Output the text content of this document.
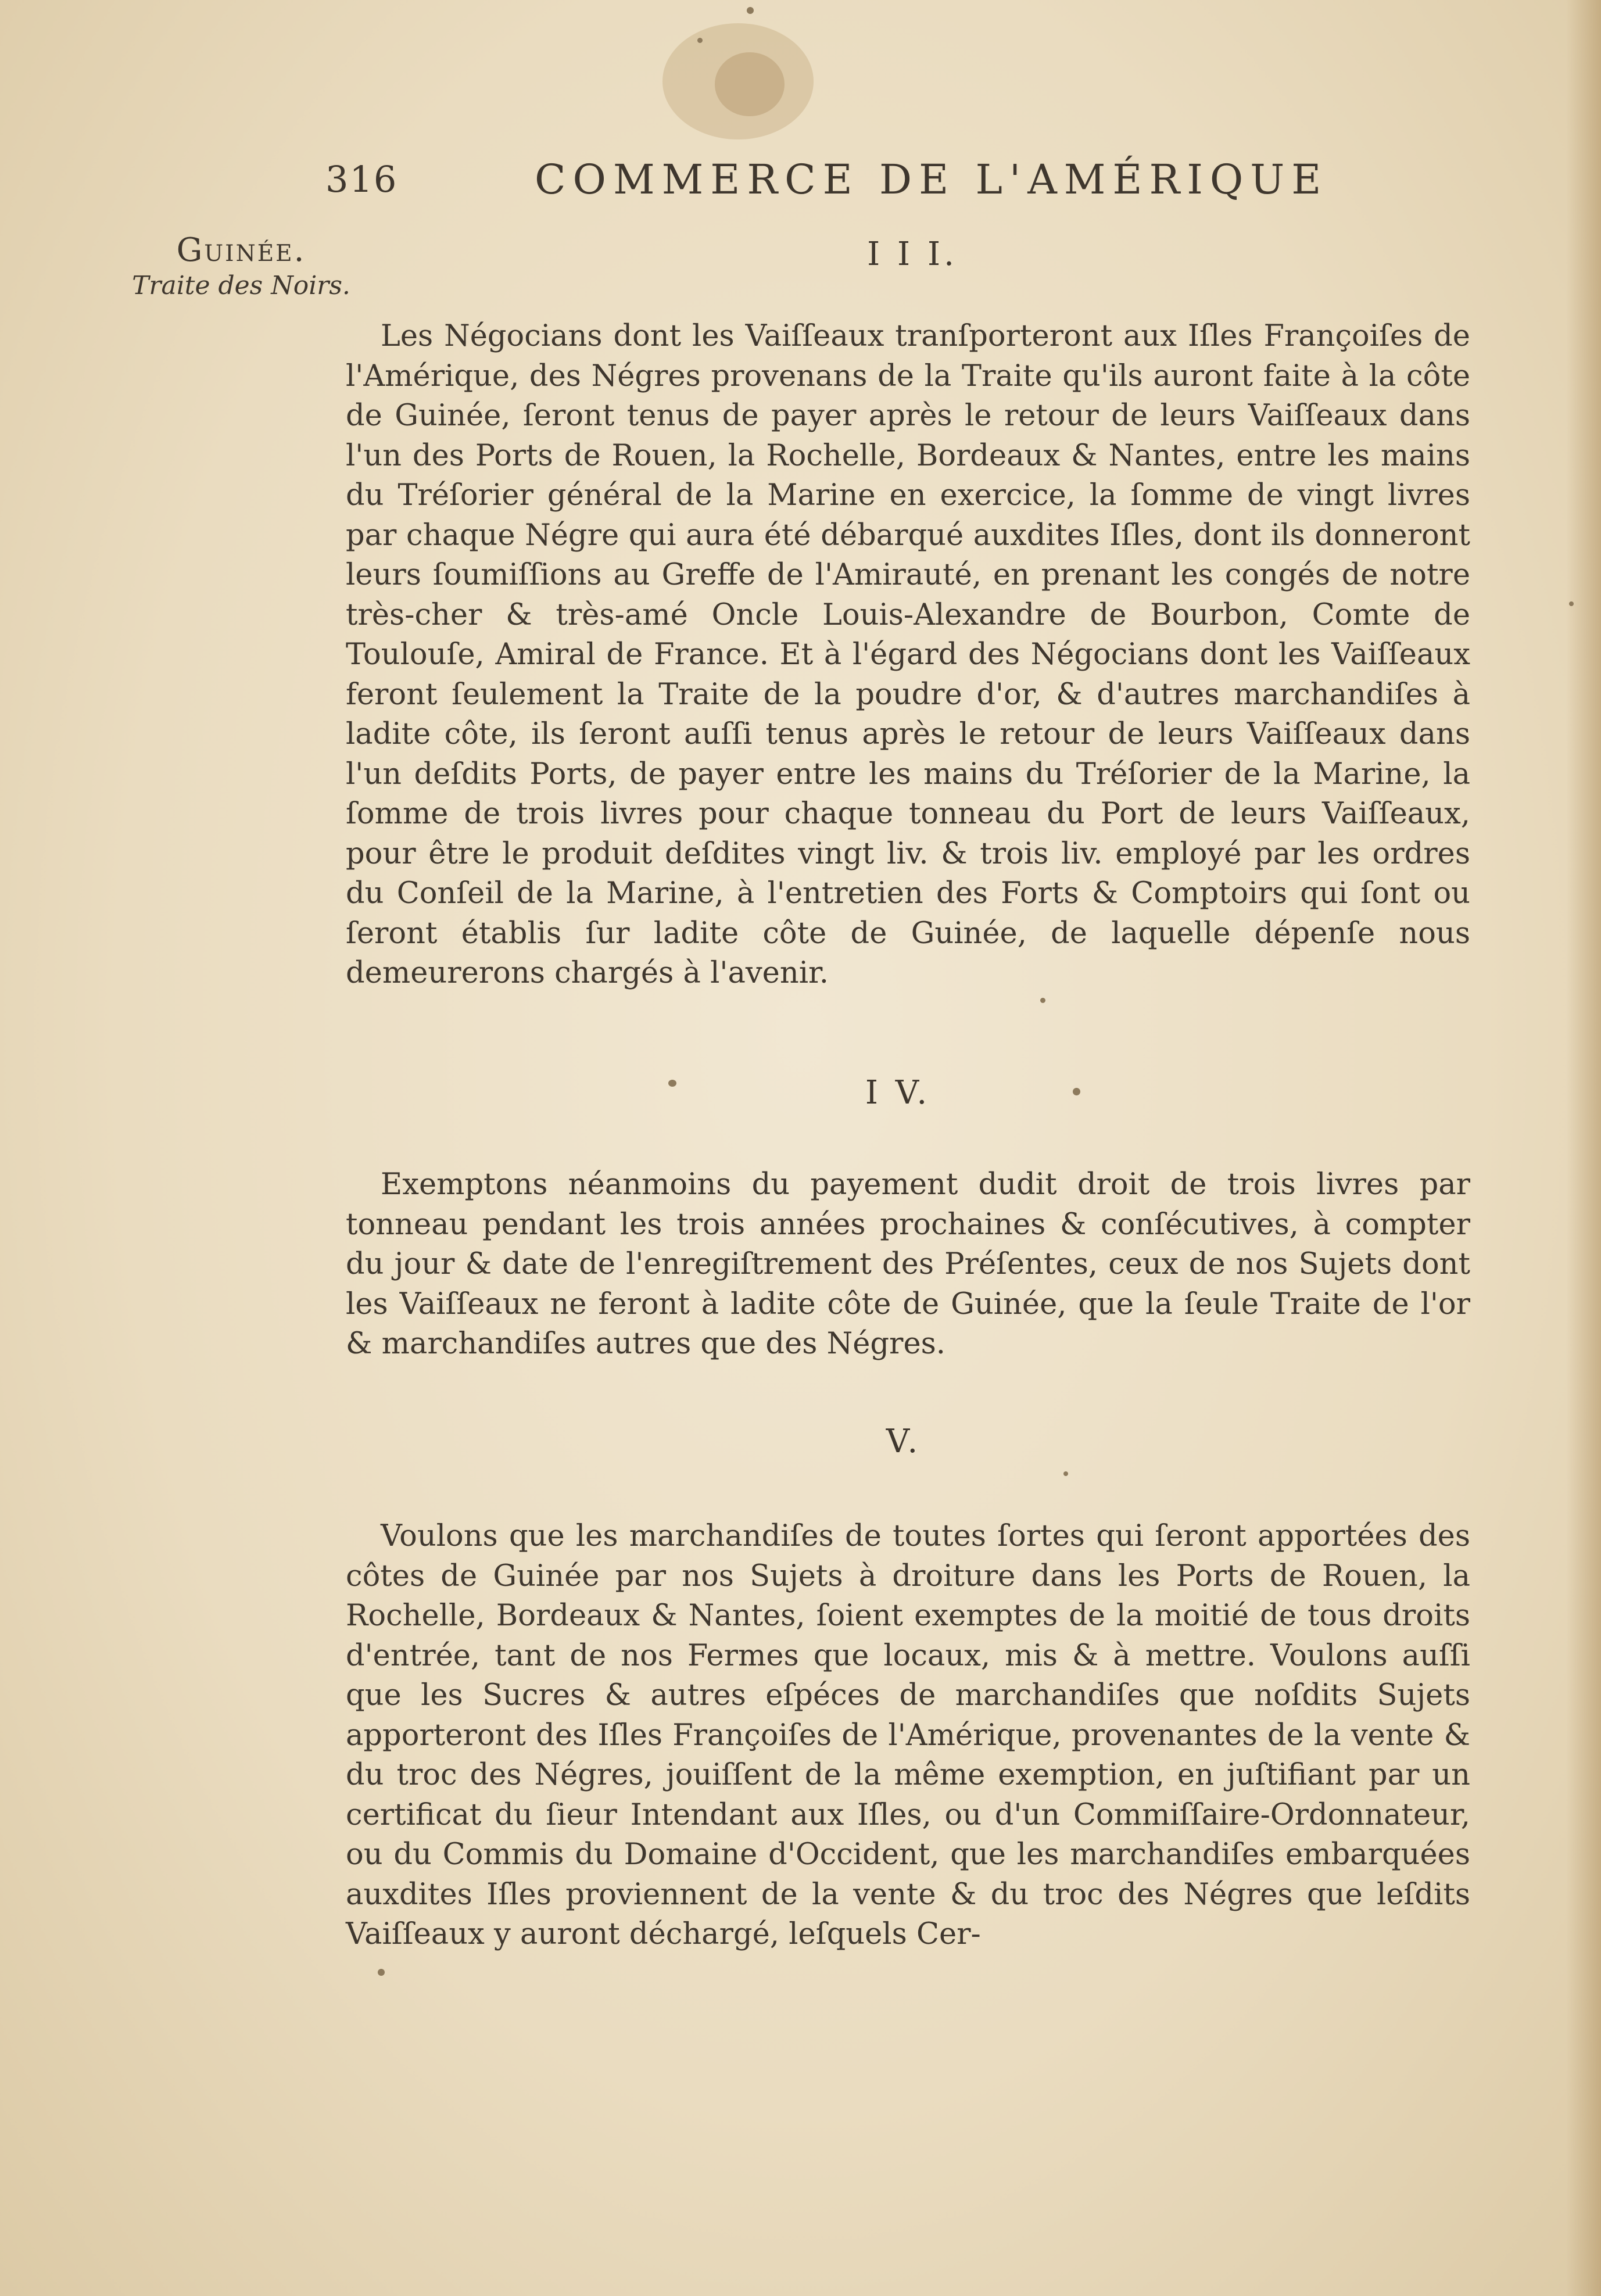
316	COMMERCE DE L'AMÉRIQUE
Guinée.
Traite des Noirs.
I I I.

Les Négocians dont les Vaiſſeaux tranſporteront aux Iſles Françoiſes de l'Amérique, des Négres provenans de la Traite qu'ils auront faite à la côte de Guinée, ſeront tenus de payer après le retour de leurs Vaiſſeaux dans l'un des Ports de Rouen, la Rochelle, Bordeaux & Nantes, entre les mains du Tréſorier général de la Marine en exercice, la ſomme de vingt livres par chaque Négre qui aura été débarqué auxdites Iſles, dont ils donneront leurs ſoumiſſions au Greffe de l'Amirauté, en prenant les congés de notre très-cher & très-amé Oncle Louis-Alexandre de Bourbon, Comte de Toulouſe, Amiral de France. Et à l'égard des Négocians dont les Vaiſſeaux feront ſeulement la Traite de la poudre d'or, & d'autres marchandiſes à ladite côte, ils ſeront auſſi tenus après le retour de leurs Vaiſſeaux dans l'un deſdits Ports, de payer entre les mains du Tréſorier de la Marine, la ſomme de trois livres pour chaque tonneau du Port de leurs Vaiſſeaux, pour être le produit deſdites vingt liv. & trois liv. employé par les ordres du Conſeil de la Marine, à l'entretien des Forts & Comptoirs qui ſont ou ſeront établis ſur ladite côte de Guinée, de laquelle dépenſe nous demeurerons chargés à l'avenir.

I V.

Exemptons néanmoins du payement dudit droit de trois livres par tonneau pendant les trois années prochaines & conſécutives, à compter du jour & date de l'enregiſtrement des Préſentes, ceux de nos Sujets dont les Vaiſſeaux ne feront à ladite côte de Guinée, que la ſeule Traite de l'or & marchandiſes autres que des Négres.

V.

Voulons que les marchandiſes de toutes ſortes qui ſeront apportées des côtes de Guinée par nos Sujets à droiture dans les Ports de Rouen, la Rochelle, Bordeaux & Nantes, ſoient exemptes de la moitié de tous droits d'entrée, tant de nos Fermes que locaux, mis & à mettre. Voulons auſſi que les Sucres & autres eſpéces de marchandiſes que noſdits Sujets apporteront des Iſles Françoiſes de l'Amérique, provenantes de la vente & du troc des Négres, jouiſſent de la même exemption, en juſtifiant par un certificat du ſieur Intendant aux Iſles, ou d'un Commiſſaire-Ordonnateur, ou du Commis du Domaine d'Occident, que les marchandiſes embarquées auxdites Iſles proviennent de la vente & du troc des Négres que leſdits Vaiſſeaux y auront déchargé, leſquels Cer-
